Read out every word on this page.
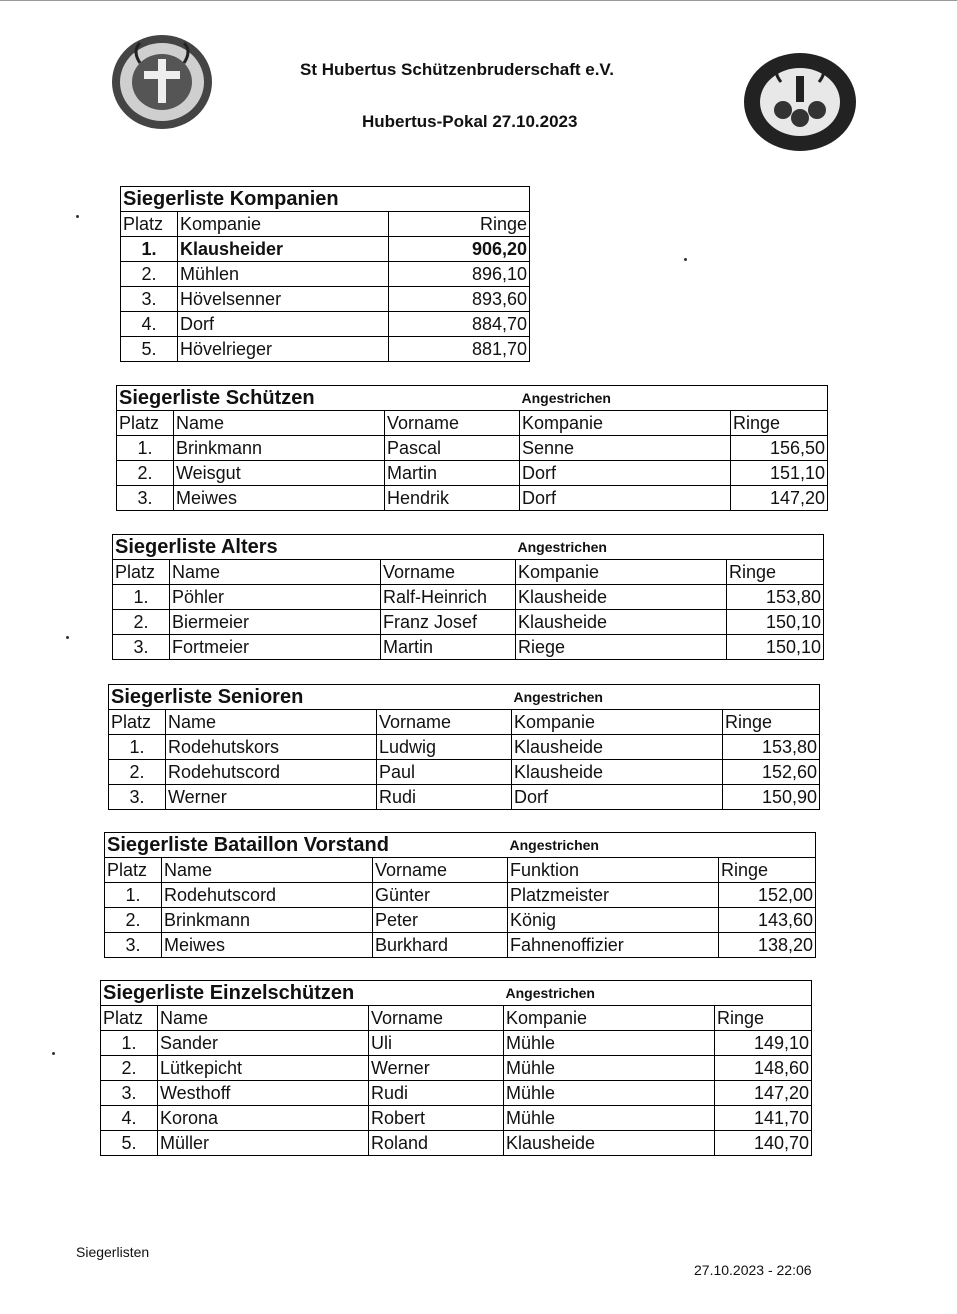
St Hubertus Schützenbruderschaft e.V.
Hubertus-Pokal 27.10.2023
Siegerliste Kompanien		
Platz	Kompanie	Ringe
1.	Klausheider	906,20
2.	Mühlen	896,10
3.	Hövelsenner	893,60
4.	Dorf	884,70
5.	Hövelrieger	881,70
Siegerliste Schützen			Angestrichen	
Platz	Name	Vorname	Kompanie	Ringe
1.	Brinkmann	Pascal	Senne	156,50
2.	Weisgut	Martin	Dorf	151,10
3.	Meiwes	Hendrik	Dorf	147,20
Siegerliste Alters			Angestrichen	
Platz	Name	Vorname	Kompanie	Ringe
1.	Pöhler	Ralf-Heinrich	Klausheide	153,80
2.	Biermeier	Franz Josef	Klausheide	150,10
3.	Fortmeier	Martin	Riege	150,10
Siegerliste Senioren			Angestrichen	
Platz	Name	Vorname	Kompanie	Ringe
1.	Rodehutskors	Ludwig	Klausheide	153,80
2.	Rodehutscord	Paul	Klausheide	152,60
3.	Werner	Rudi	Dorf	150,90
Siegerliste Bataillon Vorstand			Angestrichen	
Platz	Name	Vorname	Funktion	Ringe
1.	Rodehutscord	Günter	Platzmeister	152,00
2.	Brinkmann	Peter	König	143,60
3.	Meiwes	Burkhard	Fahnenoffizier	138,20
Siegerliste Einzelschützen			Angestrichen	
Platz	Name	Vorname	Kompanie	Ringe
1.	Sander	Uli	Mühle	149,10
2.	Lütkepicht	Werner	Mühle	148,60
3.	Westhoff	Rudi	Mühle	147,20
4.	Korona	Robert	Mühle	141,70
5.	Müller	Roland	Klausheide	140,70
Siegerlisten
27.10.2023 - 22:06
